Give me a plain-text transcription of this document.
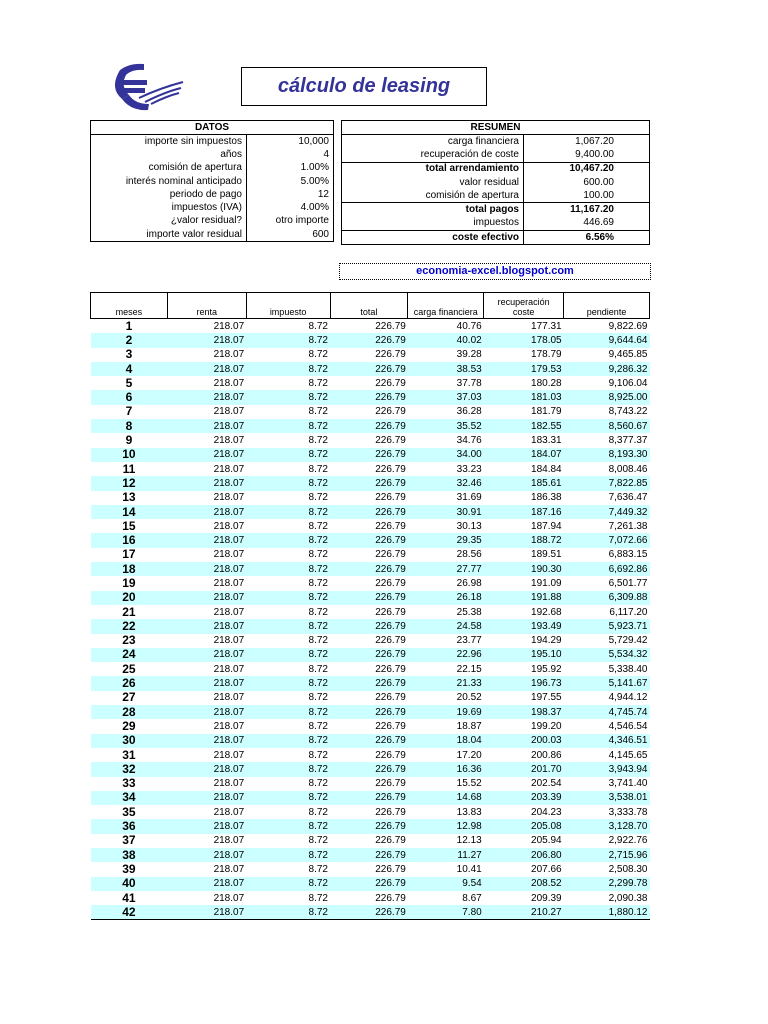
cálculo de leasing
DATOS	
importe sin impuestos	10,000
años	4
comisión de apertura	1.00%
interés nominal anticipado	5.00%
periodo de pago	12
impuestos (IVA)	4.00%
¿valor residual?	otro importe
importe valor residual	600
RESUMEN	
carga financiera	1,067.20
recuperación de coste	9,400.00
total arrendamiento	10,467.20
valor residual	600.00
comisión de apertura	100.00
total pagos	11,167.20
impuestos	446.69
coste efectivo	6.56%
economia-excel.blogspot.com
meses	renta	impuesto	total	carga financiera	recuperación coste	pendiente
1	218.07	8.72	226.79	40.76	177.31	9,822.69
2	218.07	8.72	226.79	40.02	178.05	9,644.64
3	218.07	8.72	226.79	39.28	178.79	9,465.85
4	218.07	8.72	226.79	38.53	179.53	9,286.32
5	218.07	8.72	226.79	37.78	180.28	9,106.04
6	218.07	8.72	226.79	37.03	181.03	8,925.00
7	218.07	8.72	226.79	36.28	181.79	8,743.22
8	218.07	8.72	226.79	35.52	182.55	8,560.67
9	218.07	8.72	226.79	34.76	183.31	8,377.37
10	218.07	8.72	226.79	34.00	184.07	8,193.30
11	218.07	8.72	226.79	33.23	184.84	8,008.46
12	218.07	8.72	226.79	32.46	185.61	7,822.85
13	218.07	8.72	226.79	31.69	186.38	7,636.47
14	218.07	8.72	226.79	30.91	187.16	7,449.32
15	218.07	8.72	226.79	30.13	187.94	7,261.38
16	218.07	8.72	226.79	29.35	188.72	7,072.66
17	218.07	8.72	226.79	28.56	189.51	6,883.15
18	218.07	8.72	226.79	27.77	190.30	6,692.86
19	218.07	8.72	226.79	26.98	191.09	6,501.77
20	218.07	8.72	226.79	26.18	191.88	6,309.88
21	218.07	8.72	226.79	25.38	192.68	6,117.20
22	218.07	8.72	226.79	24.58	193.49	5,923.71
23	218.07	8.72	226.79	23.77	194.29	5,729.42
24	218.07	8.72	226.79	22.96	195.10	5,534.32
25	218.07	8.72	226.79	22.15	195.92	5,338.40
26	218.07	8.72	226.79	21.33	196.73	5,141.67
27	218.07	8.72	226.79	20.52	197.55	4,944.12
28	218.07	8.72	226.79	19.69	198.37	4,745.74
29	218.07	8.72	226.79	18.87	199.20	4,546.54
30	218.07	8.72	226.79	18.04	200.03	4,346.51
31	218.07	8.72	226.79	17.20	200.86	4,145.65
32	218.07	8.72	226.79	16.36	201.70	3,943.94
33	218.07	8.72	226.79	15.52	202.54	3,741.40
34	218.07	8.72	226.79	14.68	203.39	3,538.01
35	218.07	8.72	226.79	13.83	204.23	3,333.78
36	218.07	8.72	226.79	12.98	205.08	3,128.70
37	218.07	8.72	226.79	12.13	205.94	2,922.76
38	218.07	8.72	226.79	11.27	206.80	2,715.96
39	218.07	8.72	226.79	10.41	207.66	2,508.30
40	218.07	8.72	226.79	9.54	208.52	2,299.78
41	218.07	8.72	226.79	8.67	209.39	2,090.38
42	218.07	8.72	226.79	7.80	210.27	1,880.12
